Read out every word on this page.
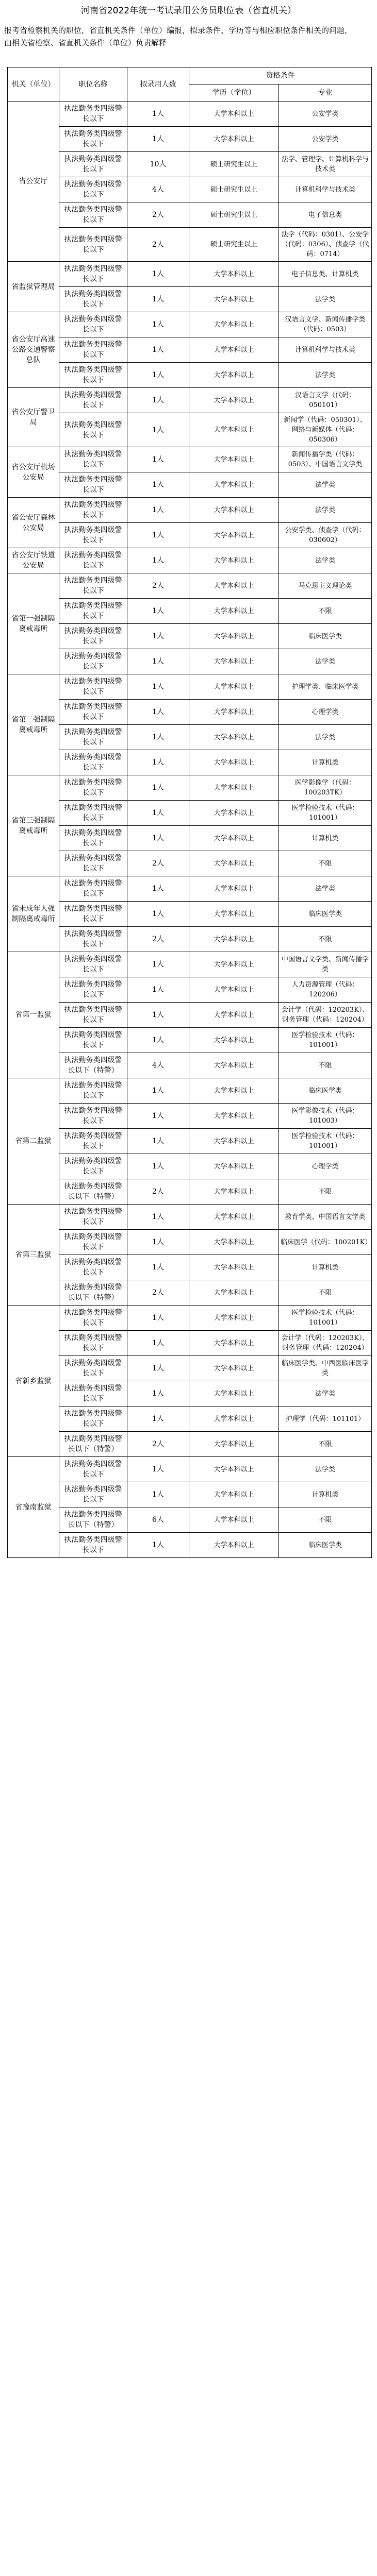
河南省2022年统一考试录用公务员职位表（省直机关）
报考省检察机关的职位，省直机关条件（单位）编报，拟录条件、学历等与相应职位条件相关的问题，
由相关省检察、省直机关条件（单位）负责解释
机关（单位）	职位名称	拟录用人数	资格条件	
			学历（学位）	专业
省公安厅	执法勤务类四级警长以下	1人	大学本科以上	公安学类
	执法勤务类四级警长以下	1人	大学本科以上	公安学类
	执法勤务类四级警长以下	10人	硕士研究生以上	法学、管理学、计算机科学与技术类
	执法勤务类四级警长以下	4人	硕士研究生以上	计算机科学与技术类
	执法勤务类四级警长以下	2人	硕士研究生以上	电子信息类
	执法勤务类四级警长以下	2人	硕士研究生以上	法学（代码：0301）、公安学（代码：0306）、侦查学（代码：0714）
省监狱管理局	执法勤务类四级警长以下	1人	大学本科以上	电子信息类、计算机类
	执法勤务类四级警长以下	1人	大学本科以上	法学类
省公安厅高速公路交通警察总队	执法勤务类四级警长以下	1人	大学本科以上	汉语言文学、新闻传播学类（代码：0503）
	执法勤务类四级警长以下	1人	大学本科以上	计算机科学与技术类
	执法勤务类四级警长以下	1人	大学本科以上	法学类
省公安厅警卫局	执法勤务类四级警长以下	1人	大学本科以上	汉语言文学（代码：050101）
	执法勤务类四级警长以下	1人	大学本科以上	新闻学（代码：050301）、网络与新媒体（代码：050306）
省公安厅机场公安局	执法勤务类四级警长以下	1人	大学本科以上	新闻传播学类（代码：0503）、中国语言文学类
	执法勤务类四级警长以下	1人	大学本科以上	法学类
省公安厅森林公安局	执法勤务类四级警长以下	1人	大学本科以上	法学类
	执法勤务类四级警长以下	1人	大学本科以上	公安学类、侦查学（代码：030602）
省公安厅铁道公安局	执法勤务类四级警长以下	1人	大学本科以上	法学类
省第一强制隔离戒毒所	执法勤务类四级警长以下	2人	大学本科以上	马克思主义理论类
	执法勤务类四级警长以下	1人	大学本科以上	不限
	执法勤务类四级警长以下	1人	大学本科以上	临床医学类
	执法勤务类四级警长以下	1人	大学本科以上	法学类
省第二强制隔离戒毒所	执法勤务类四级警长以下	1人	大学本科以上	护理学类、临床医学类
	执法勤务类四级警长以下	1人	大学本科以上	心理学类
	执法勤务类四级警长以下	1人	大学本科以上	法学类
	执法勤务类四级警长以下	1人	大学本科以上	计算机类
省第三强制隔离戒毒所	执法勤务类四级警长以下	1人	大学本科以上	医学影像学（代码：100203TK）
	执法勤务类四级警长以下	1人	大学本科以上	医学检验技术（代码：101001）
	执法勤务类四级警长以下	1人	大学本科以上	计算机类
	执法勤务类四级警长以下	2人	大学本科以上	不限
省未成年人强制隔离戒毒所	执法勤务类四级警长以下	1人	大学本科以上	法学类
	执法勤务类四级警长以下	1人	大学本科以上	临床医学类
	执法勤务类四级警长以下	2人	大学本科以上	不限
省第一监狱	执法勤务类四级警长以下	1人	大学本科以上	中国语言文学类、新闻传播学类
	执法勤务类四级警长以下	1人	大学本科以上	人力资源管理（代码：120206）
	执法勤务类四级警长以下	1人	大学本科以上	会计学（代码：120203K）、财务管理（代码：120204）
	执法勤务类四级警长以下	1人	大学本科以上	医学检验技术（代码：101001）
	执法勤务类四级警长以下（特警）	4人	大学本科以上	不限
省第二监狱	执法勤务类四级警长以下	1人	大学本科以上	临床医学类
	执法勤务类四级警长以下	1人	大学本科以上	医学影像技术（代码：101003）
	执法勤务类四级警长以下	1人	大学本科以上	医学检验技术（代码：101001）
	执法勤务类四级警长以下	1人	大学本科以上	心理学类
	执法勤务类四级警长以下（特警）	2人	大学本科以上	不限
省第三监狱	执法勤务类四级警长以下	1人	大学本科以上	教育学类、中国语言文学类
	执法勤务类四级警长以下	1人	大学本科以上	临床医学（代码：100201K）
	执法勤务类四级警长以下	1人	大学本科以上	计算机类
	执法勤务类四级警长以下（特警）	2人	大学本科以上	不限
省新乡监狱	执法勤务类四级警长以下	1人	大学本科以上	医学检验技术（代码：101001）
	执法勤务类四级警长以下	1人	大学本科以上	会计学（代码：120203K）、财务管理（代码：120204）
	执法勤务类四级警长以下	1人	大学本科以上	临床医学类、中西医临床医学类
	执法勤务类四级警长以下	1人	大学本科以上	法学类
	执法勤务类四级警长以下	1人	大学本科以上	护理学（代码：101101）
	执法勤务类四级警长以下（特警）	2人	大学本科以上	不限
省豫南监狱	执法勤务类四级警长以下	1人	大学本科以上	法学类
	执法勤务类四级警长以下	1人	大学本科以上	计算机类
	执法勤务类四级警长以下（特警）	6人	大学本科以上	不限
	执法勤务类四级警长以下	1人	大学本科以上	临床医学类
